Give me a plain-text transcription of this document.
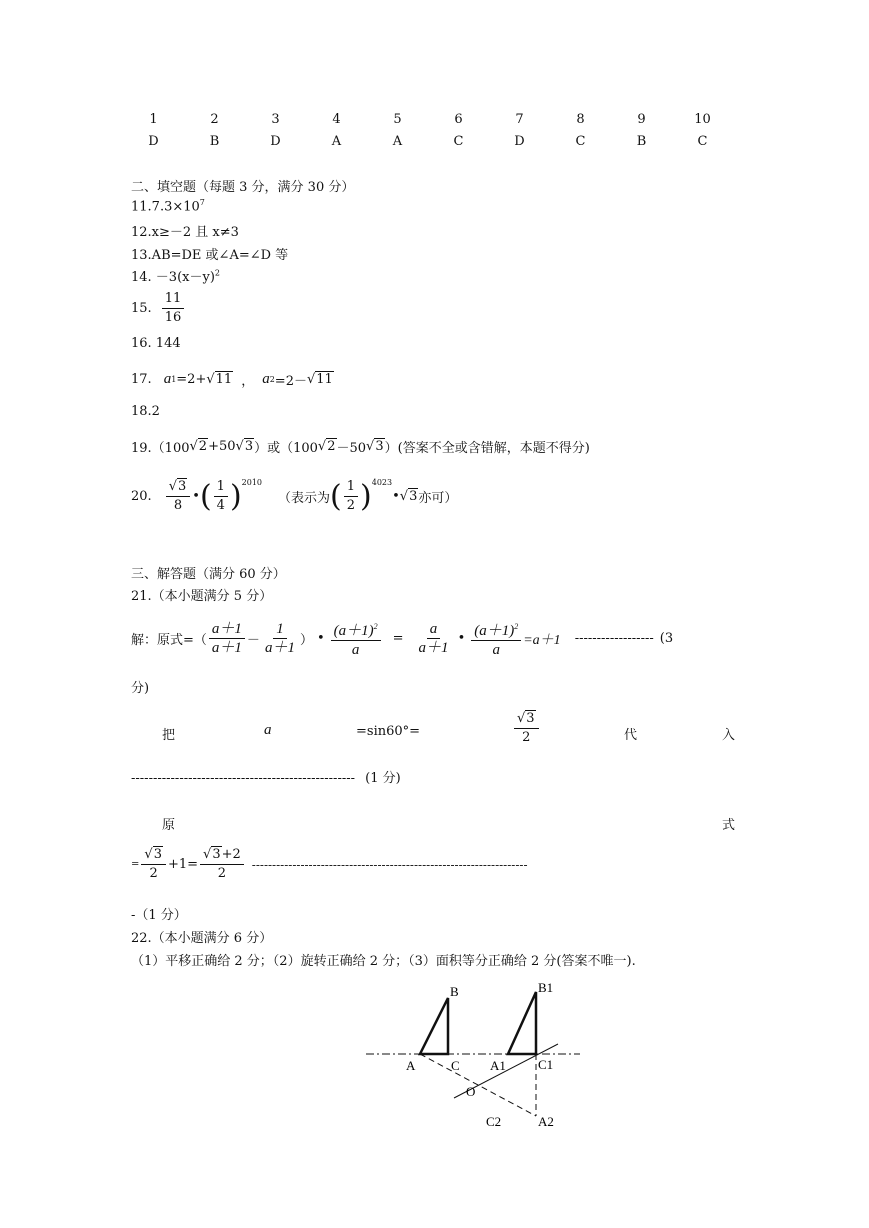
1	2	3	4	5	6	7	8	9	10
D	B	D	A	A	C	D	C	B	C
二、填空题（每题 3 分，满分 30 分）
$11.7.3\times 10^7$
12.x≥－2 且 x≠3
13.AB=DE 或∠A=∠D 等
14. $-3(x-y)^2$
15. $\frac{11}{16}$
16. 144
17. a 1 =2+ √11 ， a 2 =2－ √11
18.2
19.（100 √2 +50 √3 ）或（100 √2 －50 √3 ）(答案不全或含错解，本题不得分)
20. $\frac{√3}{8}$ • ( $\frac{1}{4} )^{2010}$
（表示为 ( $\frac{1}{2} )^{4023}$
• √3 亦可）
三、解答题（满分 60 分）
21.（本小题满分 5 分）
解：原式=（ $\frac{a+1}{a+1} - \frac{1}{a+1}$ ） • $\frac{(a+1)^2}{a} = \frac{a}{a+1}$ • $\frac{(a+1)^2}{a} =a+1$ ------------------ (3
分)
把	a	=sin60°=	$\frac{√3}{2}$	代	入
--------------------------------------------------- (1 分)
原	式
= $\frac{√3}{2} +1= \frac{√3+2}{2}$ --------------------------------------------------------------------
-（1 分）
22.（本小题满分 6 分）
（1）平移正确给 2 分；（2）旋转正确给 2 分；（3）面积等分正确给 2 分(答案不唯一).
B	B1
A	C A1 C1
O
C2	A2
